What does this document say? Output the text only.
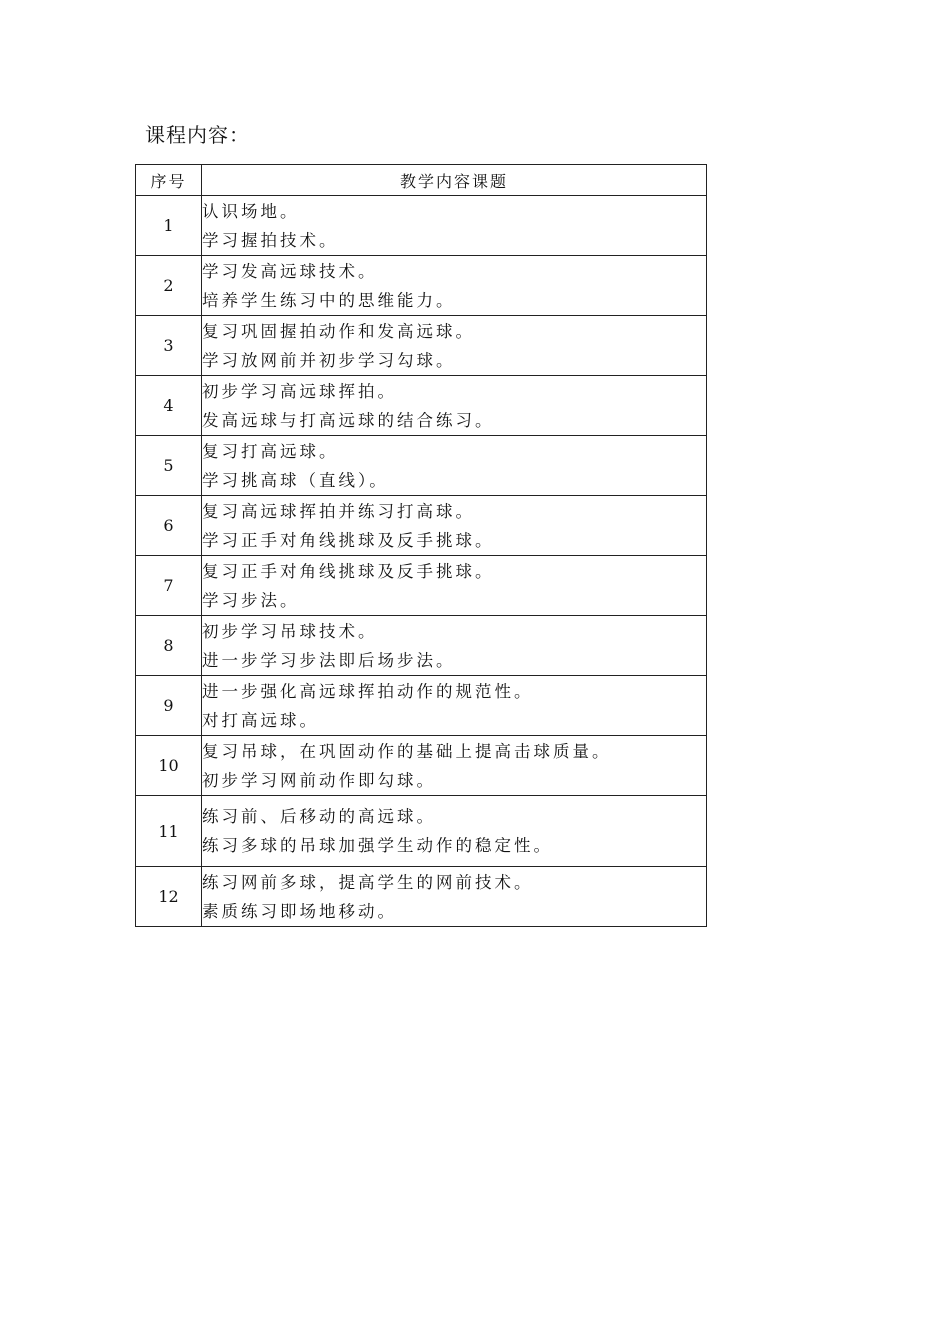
课程内容：
序号	教学内容课题
1	认识场地。
学习握拍技术。

2	学习发高远球技术。
培养学生练习中的思维能力。

3	复习巩固握拍动作和发高远球。
学习放网前并初步学习勾球。

4	初步学习高远球挥拍。
发高远球与打高远球的结合练习。

5	复习打高远球。
学习挑高球（直线）。

6	复习高远球挥拍并练习打高球。
学习正手对角线挑球及反手挑球。

7	复习正手对角线挑球及反手挑球。
学习步法。

8	初步学习吊球技术。
进一步学习步法即后场步法。

9	进一步强化高远球挥拍动作的规范性。
对打高远球。

10	复习吊球，在巩固动作的基础上提高击球质量。
初步学习网前动作即勾球。

11	练习前、后移动的高远球。
练习多球的吊球加强学生动作的稳定性。

12	练习网前多球，提高学生的网前技术。
素质练习即场地移动。
